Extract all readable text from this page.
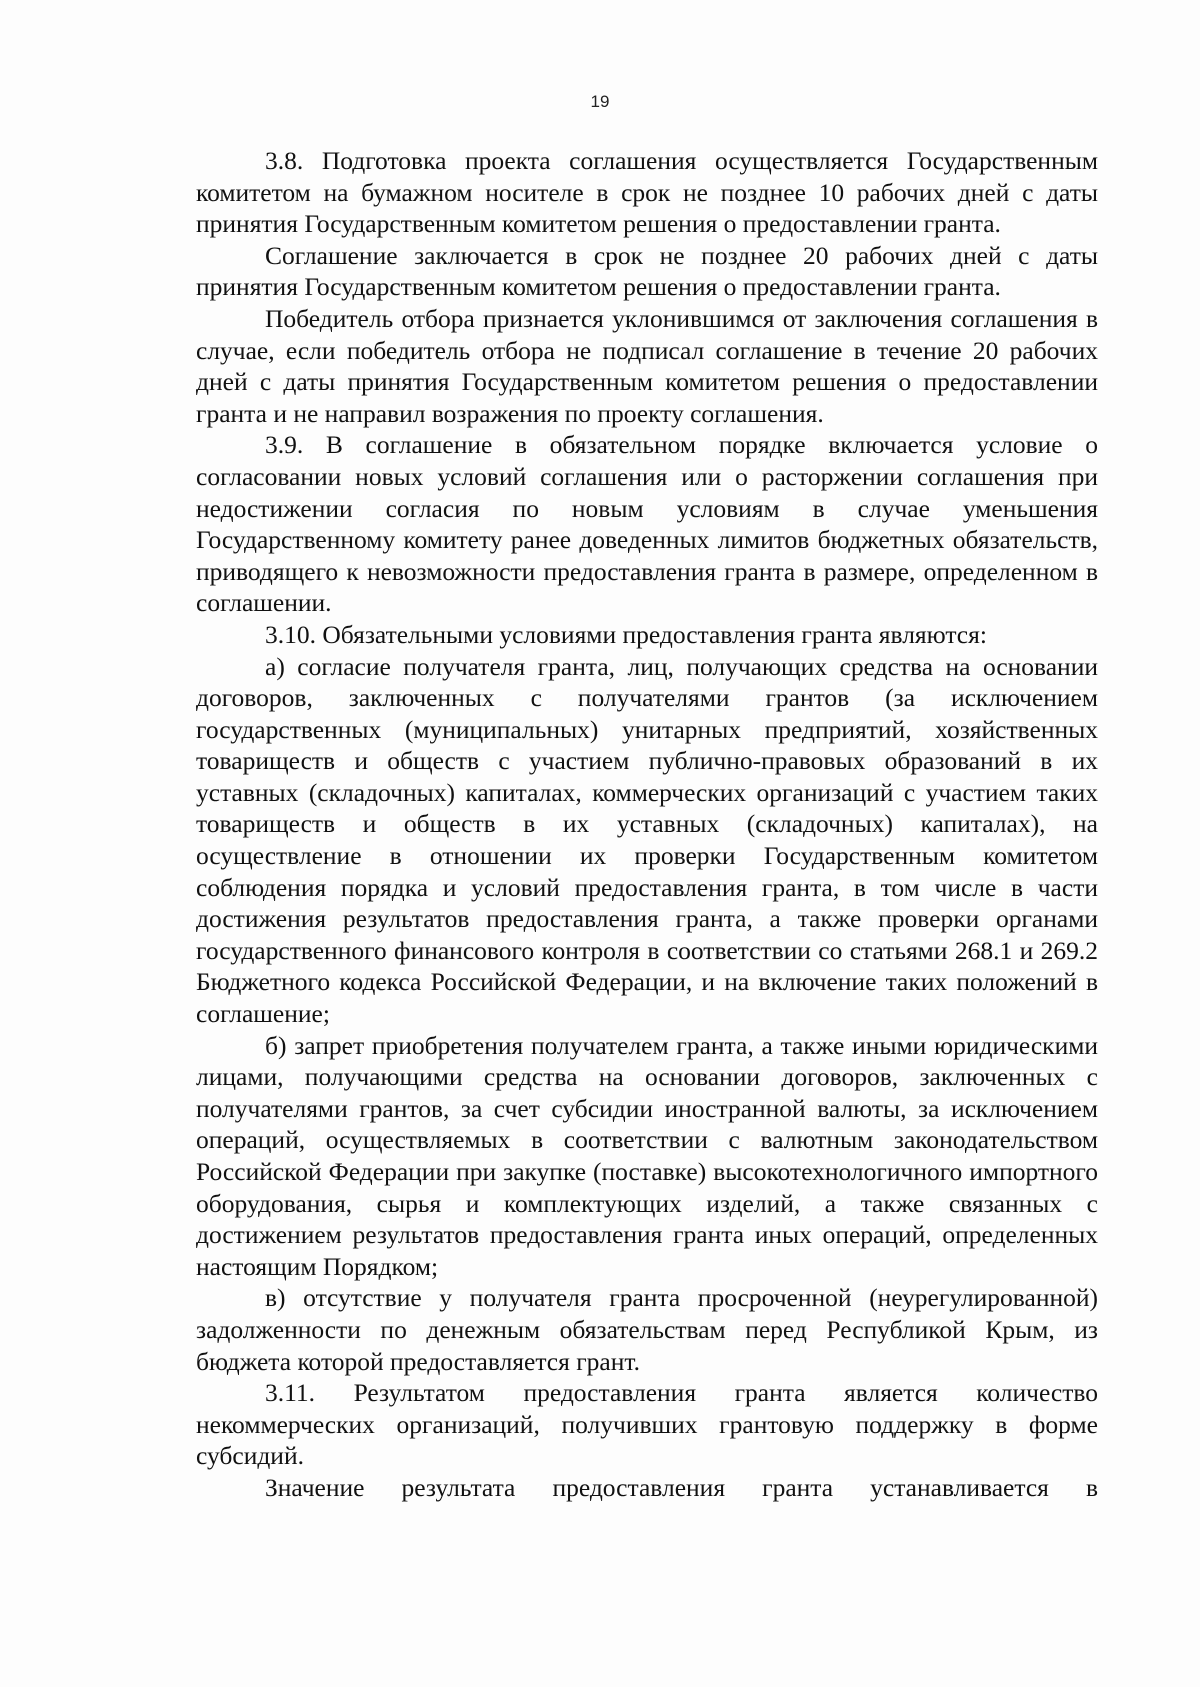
19

3.8. Подготовка проекта соглашения осуществляется Государственным комитетом на бумажном носителе в срок не позднее 10 рабочих дней с даты принятия Государственным комитетом решения о предоставлении гранта.

Соглашение заключается в срок не позднее 20 рабочих дней с даты принятия Государственным комитетом решения о предоставлении гранта.

Победитель отбора признается уклонившимся от заключения соглашения в случае, если победитель отбора не подписал соглашение в течение 20 рабочих дней с даты принятия Государственным комитетом решения о предоставлении гранта и не направил возражения по проекту соглашения.

3.9. В соглашение в обязательном порядке включается условие о согласовании новых условий соглашения или о расторжении соглашения при недостижении согласия по новым условиям в случае уменьшения Государственному комитету ранее доведенных лимитов бюджетных обязательств, приводящего к невозможности предоставления гранта в размере, определенном в соглашении.

3.10. Обязательными условиями предоставления гранта являются:

а) согласие получателя гранта, лиц, получающих средства на основании договоров, заключенных с получателями грантов (за исключением государственных (муниципальных) унитарных предприятий, хозяйственных товариществ и обществ с участием публично-правовых образований в их уставных (складочных) капиталах, коммерческих организаций с участием таких товариществ и обществ в их уставных (складочных) капиталах), на осуществление в отношении их проверки Государственным комитетом соблюдения порядка и условий предоставления гранта, в том числе в части достижения результатов предоставления гранта, а также проверки органами государственного финансового контроля в соответствии со статьями 268.1 и 269.2 Бюджетного кодекса Российской Федерации, и на включение таких положений в соглашение;

б) запрет приобретения получателем гранта, а также иными юридическими лицами, получающими средства на основании договоров, заключенных с получателями грантов, за счет субсидии иностранной валюты, за исключением операций, осуществляемых в соответствии с валютным законодательством Российской Федерации при закупке (поставке) высокотехнологичного импортного оборудования, сырья и комплектующих изделий, а также связанных с достижением результатов предоставления гранта иных операций, определенных настоящим Порядком;

в) отсутствие у получателя гранта просроченной (неурегулированной) задолженности по денежным обязательствам перед Республикой Крым, из бюджета которой предоставляется грант.

3.11. Результатом предоставления гранта является количество некоммерческих организаций, получивших грантовую поддержку в форме субсидий.

Значение результата предоставления гранта устанавливается в
